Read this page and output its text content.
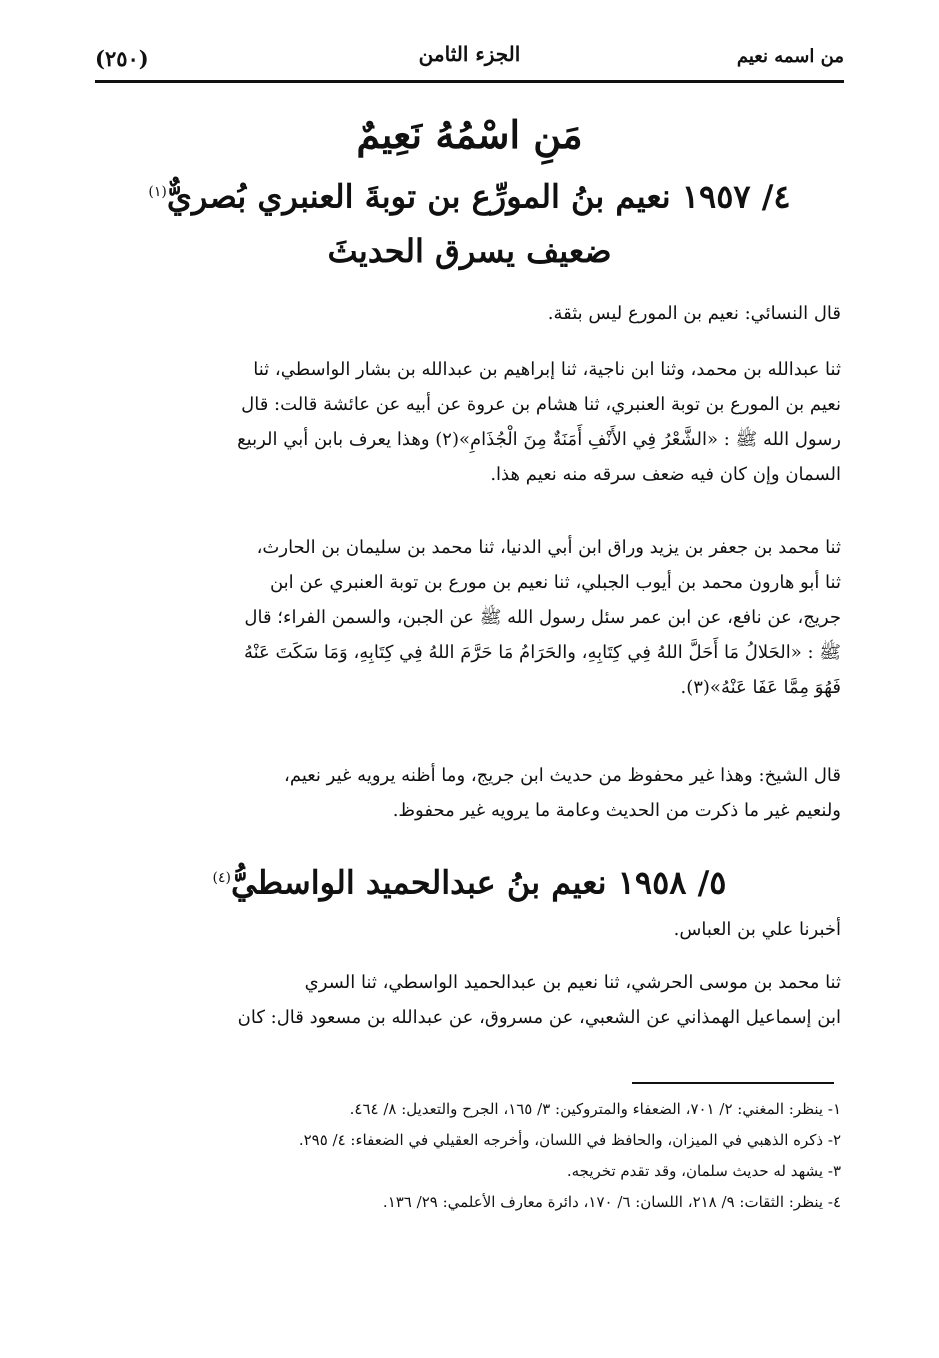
(٢٥٠)	الجزء الثامن	من اسمه نعيم
مَنِ اسْمُهُ نَعِيمٌ
٤/ ١٩٥٧ نعيم بنُ المورِّع بن توبةَ العنبري بُصريٌّ$^{(١)}$
ضعيف يسرق الحديثَ
قال النسائي: نعيم بن المورع ليس بثقة.
ثنا عبدالله بن محمد، وثنا ابن ناجية، ثنا إبراهيم بن عبدالله بن بشار الواسطي، ثنا
نعيم بن المورع بن توبة العنبري، ثنا هشام بن عروة عن أبيه عن عائشة قالت: قال
رسول الله ﷺ : «الشَّعْرُ فِي الأَنْفِ أَمَنَةٌ مِنَ الْجُذَامِ»(٢) وهذا يعرف بابن أبي الربيع
السمان وإن كان فيه ضعف سرقه منه نعيم هذا.
ثنا محمد بن جعفر بن يزيد وراق ابن أبي الدنيا، ثنا محمد بن سليمان بن الحارث،
ثنا أبو هارون محمد بن أيوب الجبلي، ثنا نعيم بن مورع بن توبة العنبري عن ابن
جريج، عن نافع، عن ابن عمر سئل رسول الله ﷺ عن الجبن، والسمن الفراء؛ قال
ﷺ : «الحَلالُ مَا أَحَلَّ اللهُ فِي كِتَابِهِ، والحَرَامُ مَا حَرَّمَ اللهُ فِي كِتَابِهِ، وَمَا سَكَتَ عَنْهُ
فَهُوَ مِمَّا عَفَا عَنْهُ»(٣).
قال الشيخ: وهذا غير محفوظ من حديث ابن جريج، وما أظنه يرويه غير نعيم،
ولنعيم غير ما ذكرت من الحديث وعامة ما يرويه غير محفوظ.
٥/ ١٩٥٨ نعيم بنُ عبدالحميد الواسطيُّ$^{(٤)}$
أخبرنا علي بن العباس.
ثنا محمد بن موسى الحرشي، ثنا نعيم بن عبدالحميد الواسطي، ثنا السري
ابن إسماعيل الهمذاني عن الشعبي، عن مسروق، عن عبدالله بن مسعود قال: كان
١- ينظر: المغني: ٢/ ٧٠١، الضعفاء والمتروكين: ٣/ ١٦٥، الجرح والتعديل: ٨/ ٤٦٤.
٢- ذكره الذهبي في الميزان، والحافظ في اللسان، وأخرجه العقيلي في الضعفاء: ٤/ ٢٩٥.
٣- يشهد له حديث سلمان، وقد تقدم تخريجه.
٤- ينظر: الثقات: ٩/ ٢١٨، اللسان: ٦/ ١٧٠، دائرة معارف الأعلمي: ٢٩/ ١٣٦.
